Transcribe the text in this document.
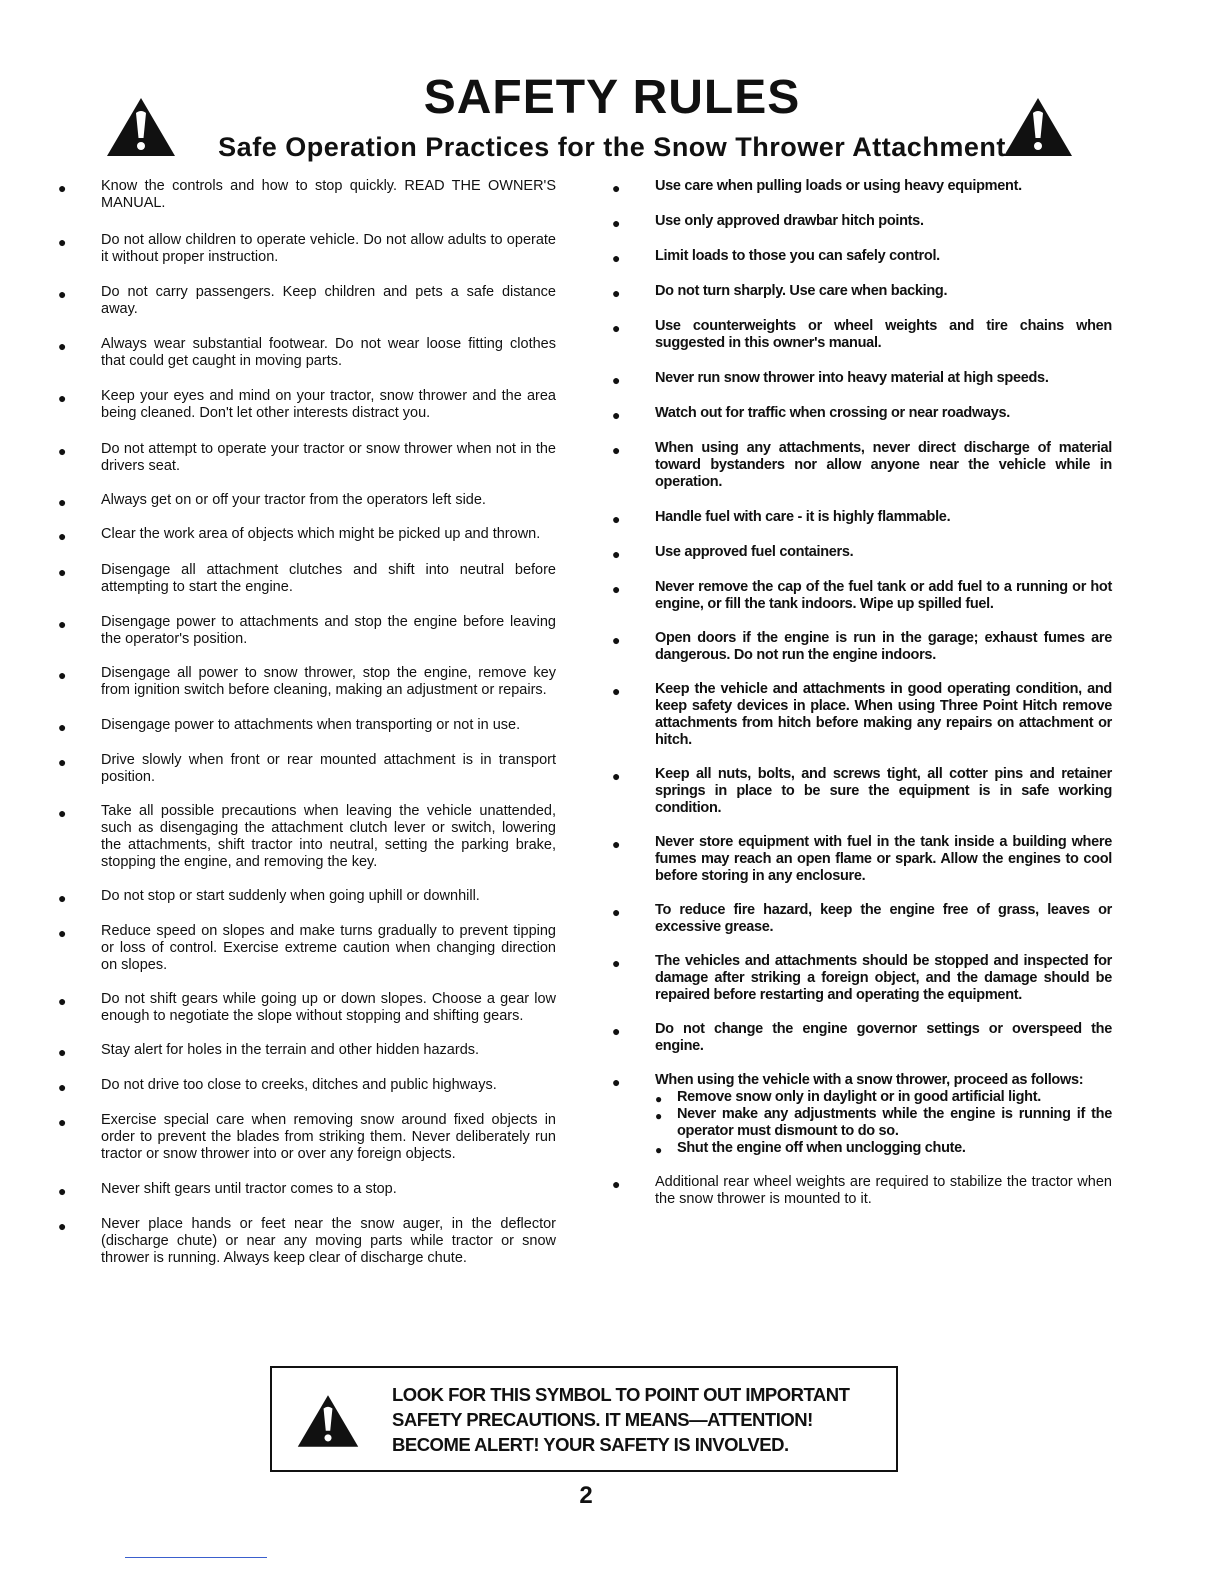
SAFETY RULES
Safe Operation Practices for the Snow Thrower Attachment
● Know the controls and how to stop quickly. READ THE OWNER'S MANUAL.
● Do not allow children to operate vehicle. Do not allow adults to operate it without proper instruction.
● Do not carry passengers. Keep children and pets a safe distance away.
● Always wear substantial footwear. Do not wear loose fitting clothes that could get caught in moving parts.
● Keep your eyes and mind on your tractor, snow thrower and the area being cleaned. Don't let other interests distract you.
● Do not attempt to operate your tractor or snow thrower when not in the drivers seat.
● Always get on or off your tractor from the operators left side.
● Clear the work area of objects which might be picked up and thrown.
● Disengage all attachment clutches and shift into neutral before attempting to start the engine.
● Disengage power to attachments and stop the engine before leaving the operator's position.
● Disengage all power to snow thrower, stop the engine, remove key from ignition switch before cleaning, making an adjustment or repairs.
● Disengage power to attachments when transporting or not in use.
● Drive slowly when front or rear mounted attachment is in transport position.
● Take all possible precautions when leaving the vehicle unattended, such as disengaging the attachment clutch lever or switch, lowering the attachments, shift tractor into neutral, setting the parking brake, stopping the engine, and removing the key.
● Do not stop or start suddenly when going uphill or downhill.
● Reduce speed on slopes and make turns gradually to prevent tipping or loss of control. Exercise extreme caution when changing direction on slopes.
● Do not shift gears while going up or down slopes. Choose a gear low enough to negotiate the slope without stopping and shifting gears.
● Stay alert for holes in the terrain and other hidden hazards.
● Do not drive too close to creeks, ditches and public highways.
● Exercise special care when removing snow around fixed objects in order to prevent the blades from striking them. Never deliberately run tractor or snow thrower into or over any foreign objects.
● Never shift gears until tractor comes to a stop.
● Never place hands or feet near the snow auger, in the deflector (discharge chute) or near any moving parts while tractor or snow thrower is running. Always keep clear of discharge chute.
● Use care when pulling loads or using heavy equipment.
● Use only approved drawbar hitch points.
● Limit loads to those you can safely control.
● Do not turn sharply. Use care when backing.
● Use counterweights or wheel weights and tire chains when suggested in this owner's manual.
● Never run snow thrower into heavy material at high speeds.
● Watch out for traffic when crossing or near roadways.
● When using any attachments, never direct discharge of material toward bystanders nor allow anyone near the vehicle while in operation.
● Handle fuel with care - it is highly flammable.
● Use approved fuel containers.
● Never remove the cap of the fuel tank or add fuel to a running or hot engine, or fill the tank indoors. Wipe up spilled fuel.
● Open doors if the engine is run in the garage; exhaust fumes are dangerous. Do not run the engine indoors.
● Keep the vehicle and attachments in good operating condition, and keep safety devices in place. When using Three Point Hitch remove attachments from hitch before making any repairs on attachment or hitch.
● Keep all nuts, bolts, and screws tight, all cotter pins and retainer springs in place to be sure the equipment is in safe working condition.
● Never store equipment with fuel in the tank inside a building where fumes may reach an open flame or spark. Allow the engines to cool before storing in any enclosure.
● To reduce fire hazard, keep the engine free of grass, leaves or excessive grease.
● The vehicles and attachments should be stopped and inspected for damage after striking a foreign object, and the damage should be repaired before restarting and operating the equipment.
● Do not change the engine governor settings or overspeed the engine.
● When using the vehicle with a snow thrower, proceed as follows:
● Remove snow only in daylight or in good artificial light.
● Never make any adjustments while the engine is running if the operator must dismount to do so.
● Shut the engine off when unclogging chute.
● Additional rear wheel weights are required to stabilize the tractor when the snow thrower is mounted to it.

LOOK FOR THIS SYMBOL TO POINT OUT IMPORTANT
SAFETY PRECAUTIONS. IT MEANS—ATTENTION!
BECOME ALERT! YOUR SAFETY IS INVOLVED.

2
